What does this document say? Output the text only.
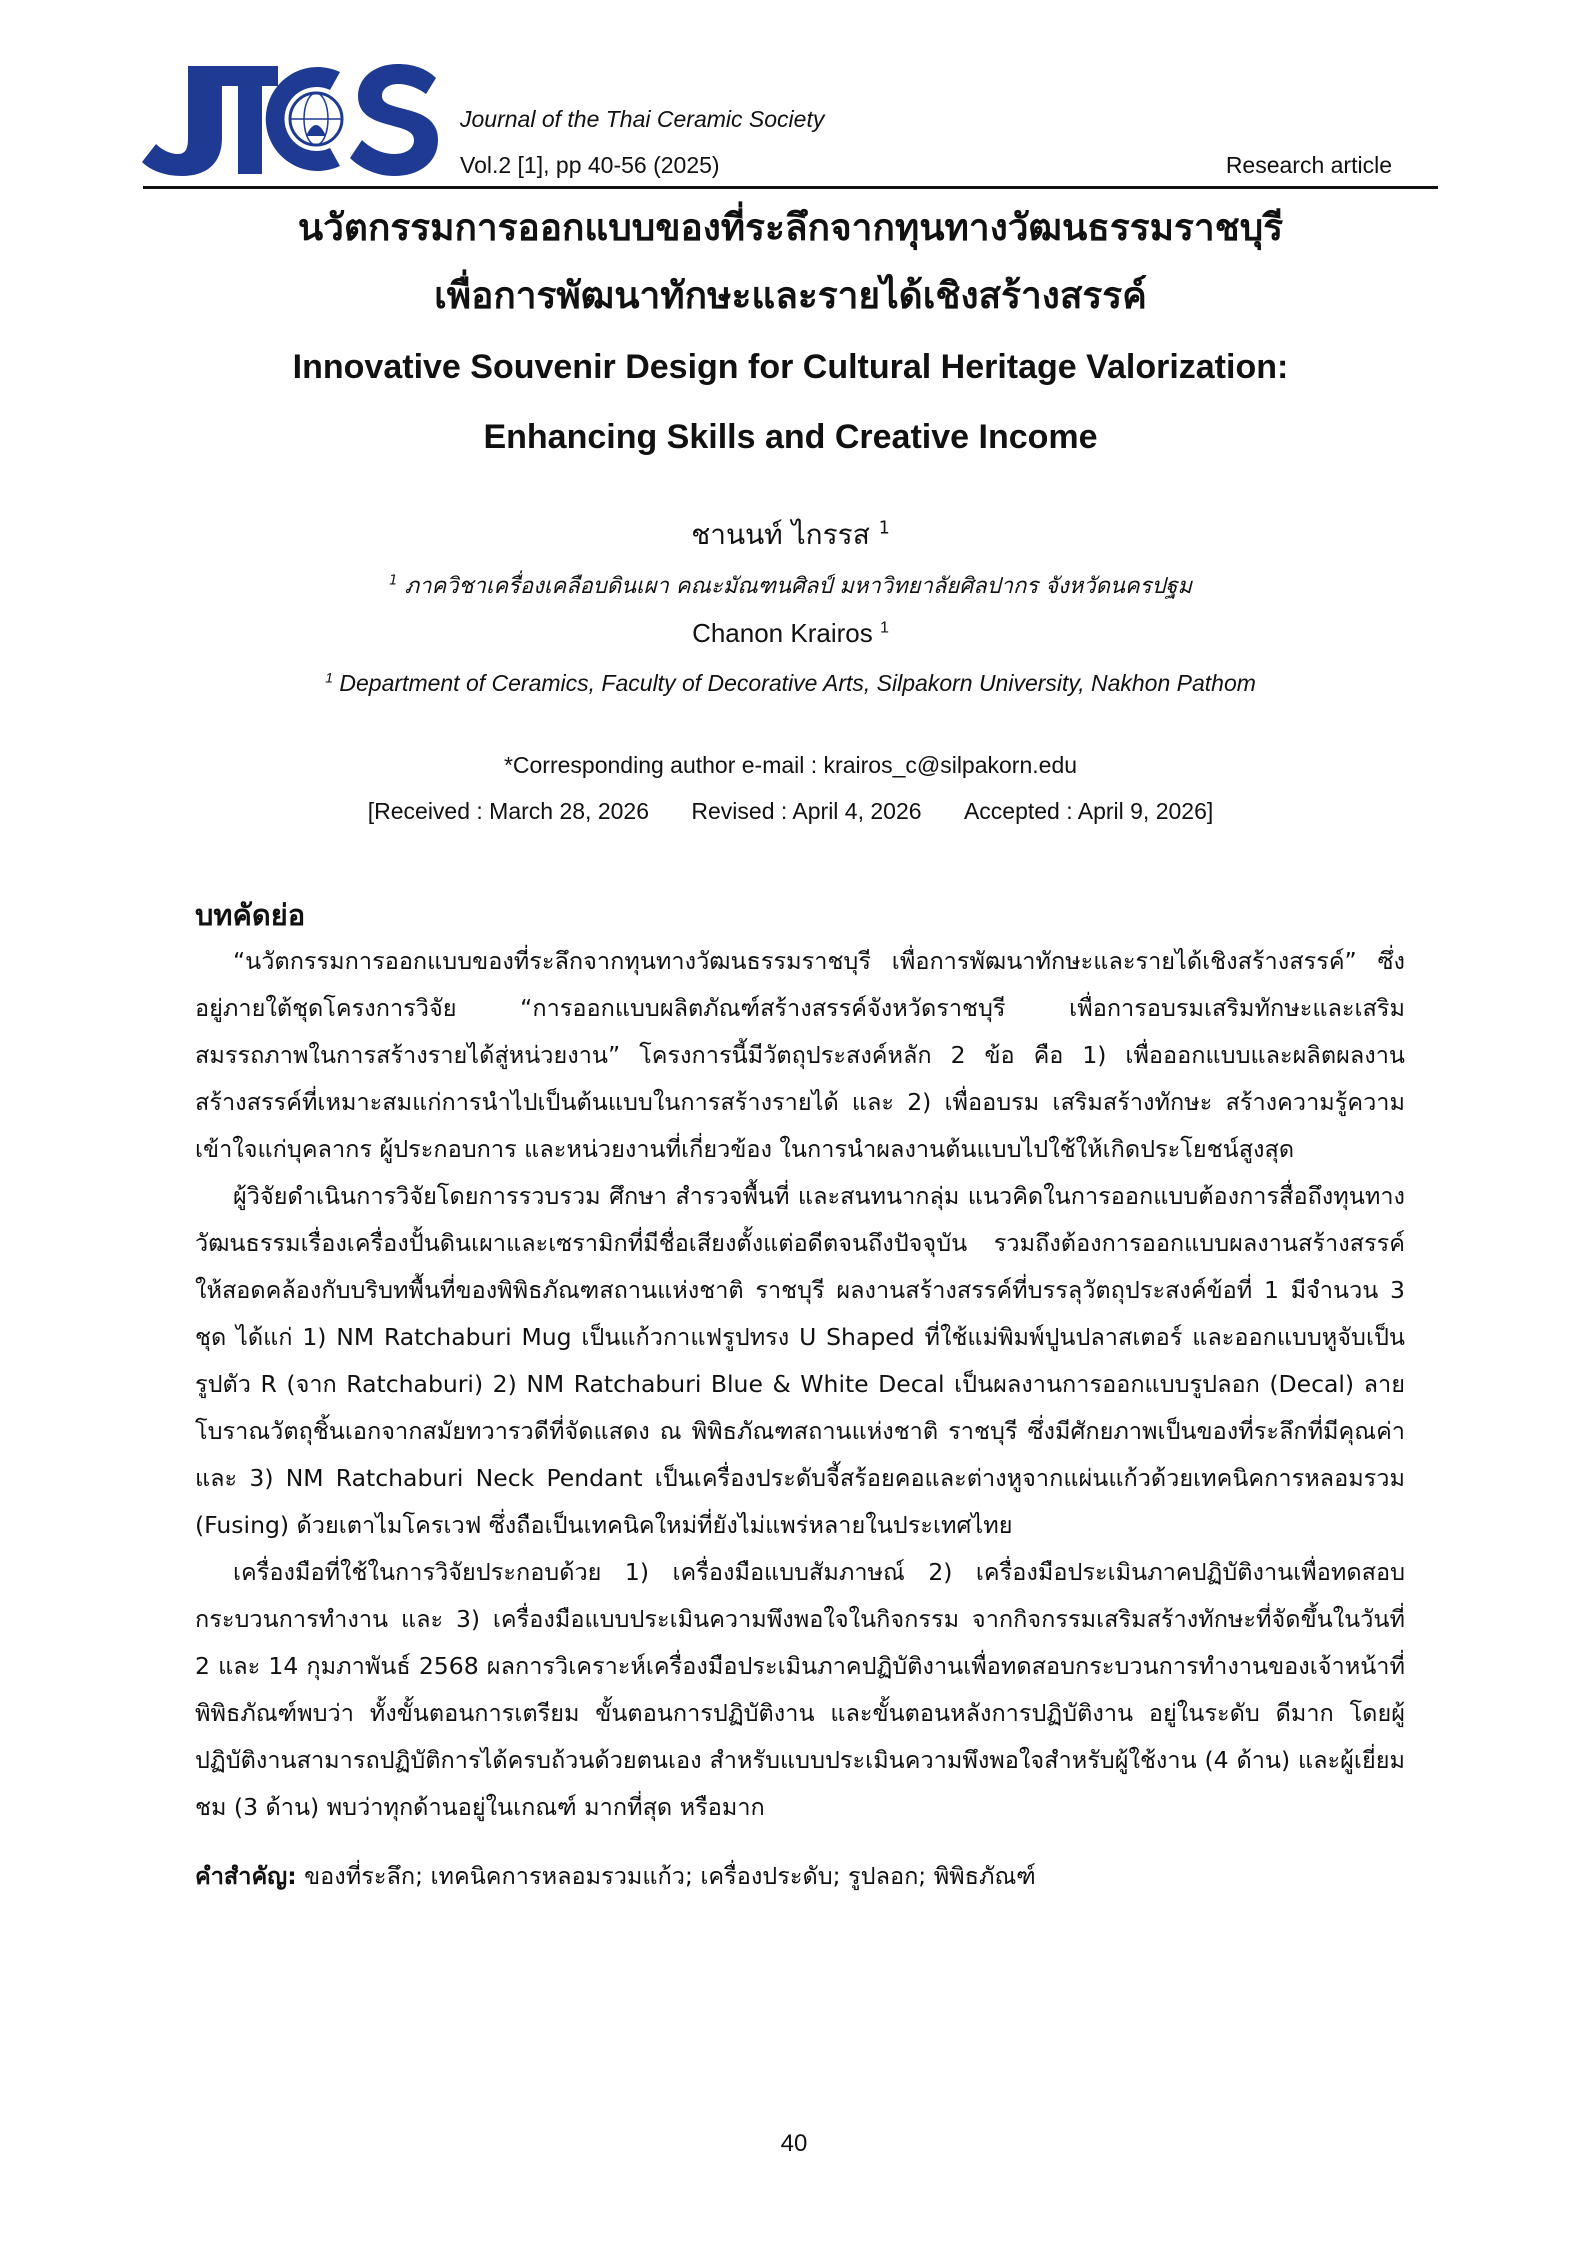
Journal of the Thai Ceramic Society
Vol.2 [1], pp 40-56 (2025)	Research article
นวัตกรรมการออกแบบของที่ระลึกจากทุนทางวัฒนธรรมราชบุรี
เพื่อการพัฒนาทักษะและรายได้เชิงสร้างสรรค์
Innovative Souvenir Design for Cultural Heritage Valorization:
Enhancing Skills and Creative Income
ชานนท์ ไกรรส $^1$
$^1$ ภาควิชาเครื่องเคลือบดินเผา คณะมัณฑนศิลป์ มหาวิทยาลัยศิลปากร จังหวัดนครปฐม
Chanon Krairos $^1$
$^1$ Department of Ceramics, Faculty of Decorative Arts, Silpakorn University, Nakhon Pathom
*Corresponding author e-mail : krairos_c@silpakorn.edu
[Received : March 28, 2026 Revised : April 4, 2026 Accepted : April 9, 2026]
บทคัดย่อ

“นวัตกรรมการออกแบบของที่ระลึกจากทุนทางวัฒนธรรมราชบุรี เพื่อการพัฒนาทักษะและรายได้เชิงสร้างสรรค์” ซึ่งอยู่ภายใต้ชุดโครงการวิจัย “การออกแบบผลิตภัณฑ์สร้างสรรค์จังหวัดราชบุรี เพื่อการอบรมเสริมทักษะและเสริมสมรรถภาพในการสร้างรายได้สู่หน่วยงาน” โครงการนี้มีวัตถุประสงค์หลัก 2 ข้อ คือ 1) เพื่อออกแบบและผลิตผลงานสร้างสรรค์ที่เหมาะสมแก่การนำไปเป็นต้นแบบในการสร้างรายได้ และ 2) เพื่ออบรม เสริมสร้างทักษะ สร้างความรู้ความเข้าใจแก่บุคลากร ผู้ประกอบการ และหน่วยงานที่เกี่ยวข้อง ในการนำผลงานต้นแบบไปใช้ให้เกิดประโยชน์สูงสุด

ผู้วิจัยดำเนินการวิจัยโดยการรวบรวม ศึกษา สำรวจพื้นที่ และสนทนากลุ่ม แนวคิดในการออกแบบต้องการสื่อถึงทุนทางวัฒนธรรมเรื่องเครื่องปั้นดินเผาและเซรามิกที่มีชื่อเสียงตั้งแต่อดีตจนถึงปัจจุบัน รวมถึงต้องการออกแบบผลงานสร้างสรรค์ให้สอดคล้องกับบริบทพื้นที่ของพิพิธภัณฑสถานแห่งชาติ ราชบุรี ผลงานสร้างสรรค์ที่บรรลุวัตถุประสงค์ข้อที่ 1 มีจำนวน 3 ชุด ได้แก่ 1) NM Ratchaburi Mug เป็นแก้วกาแฟรูปทรง U Shaped ที่ใช้แม่พิมพ์ปูนปลาสเตอร์ และออกแบบหูจับเป็นรูปตัว R (จาก Ratchaburi) 2) NM Ratchaburi Blue & White Decal เป็นผลงานการออกแบบรูปลอก (Decal) ลายโบราณวัตถุชิ้นเอกจากสมัยทวารวดีที่จัดแสดง ณ พิพิธภัณฑสถานแห่งชาติ ราชบุรี ซึ่งมีศักยภาพเป็นของที่ระลึกที่มีคุณค่า และ 3) NM Ratchaburi Neck Pendant เป็นเครื่องประดับจี้สร้อยคอและต่างหูจากแผ่นแก้วด้วยเทคนิคการหลอมรวม (Fusing) ด้วยเตาไมโครเวฟ ซึ่งถือเป็นเทคนิคใหม่ที่ยังไม่แพร่หลายในประเทศไทย

เครื่องมือที่ใช้ในการวิจัยประกอบด้วย 1) เครื่องมือแบบสัมภาษณ์ 2) เครื่องมือประเมินภาคปฏิบัติงานเพื่อทดสอบกระบวนการทำงาน และ 3) เครื่องมือแบบประเมินความพึงพอใจในกิจกรรม จากกิจกรรมเสริมสร้างทักษะที่จัดขึ้นในวันที่ 2 และ 14 กุมภาพันธ์ 2568 ผลการวิเคราะห์เครื่องมือประเมินภาคปฏิบัติงานเพื่อทดสอบกระบวนการทำงานของเจ้าหน้าที่พิพิธภัณฑ์พบว่า ทั้งขั้นตอนการเตรียม ขั้นตอนการปฏิบัติงาน และขั้นตอนหลังการปฏิบัติงาน อยู่ในระดับ ดีมาก โดยผู้ปฏิบัติงานสามารถปฏิบัติการได้ครบถ้วนด้วยตนเอง สำหรับแบบประเมินความพึงพอใจสำหรับผู้ใช้งาน (4 ด้าน) และผู้เยี่ยมชม (3 ด้าน) พบว่าทุกด้านอยู่ในเกณฑ์ มากที่สุด หรือมาก

คำสำคัญ: ของที่ระลึก; เทคนิคการหลอมรวมแก้ว; เครื่องประดับ; รูปลอก; พิพิธภัณฑ์
40
